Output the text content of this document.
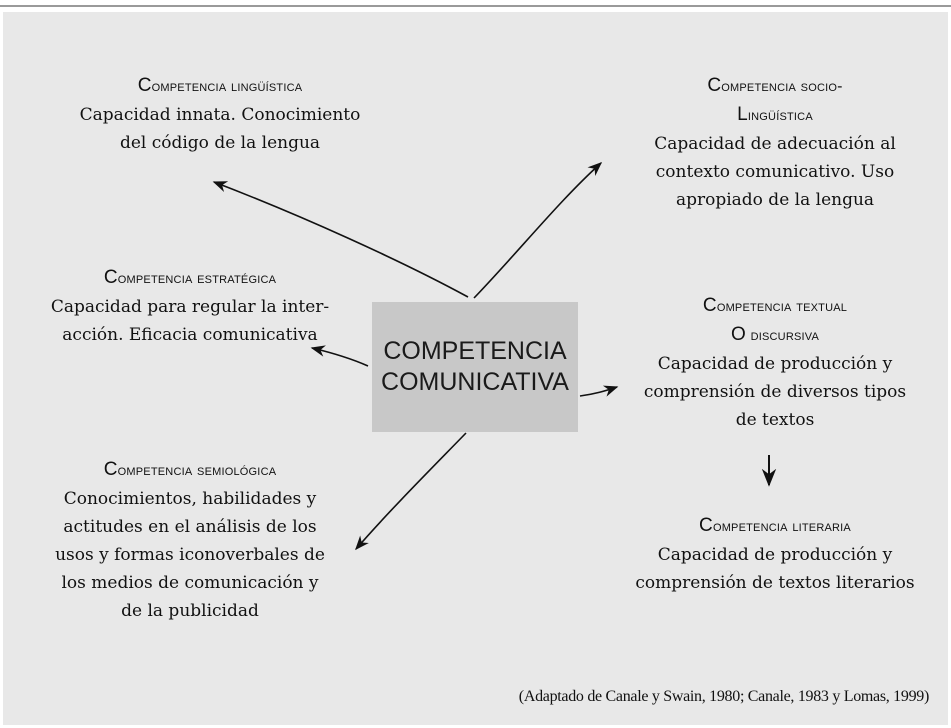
Competencia lingüística
Capacidad innata. Conocimiento
del código de la lengua
Competencia socio-
Lingüística
Capacidad de adecuación al
contexto comunicativo. Uso
apropiado de la lengua
Competencia estratégica
Capacidad para regular la inter-
acción. Eficacia comunicativa
COMPETENCIA
COMUNICATIVA
Competencia textual
O discursiva
Capacidad de producción y
comprensión de diversos tipos
de textos
Competencia semiológica
Conocimientos, habilidades y
actitudes en el análisis de los
usos y formas iconoverbales de
los medios de comunicación y
de la publicidad
Competencia literaria
Capacidad de producción y
comprensión de textos literarios
(Adaptado de Canale y Swain, 1980; Canale, 1983 y Lomas, 1999)
